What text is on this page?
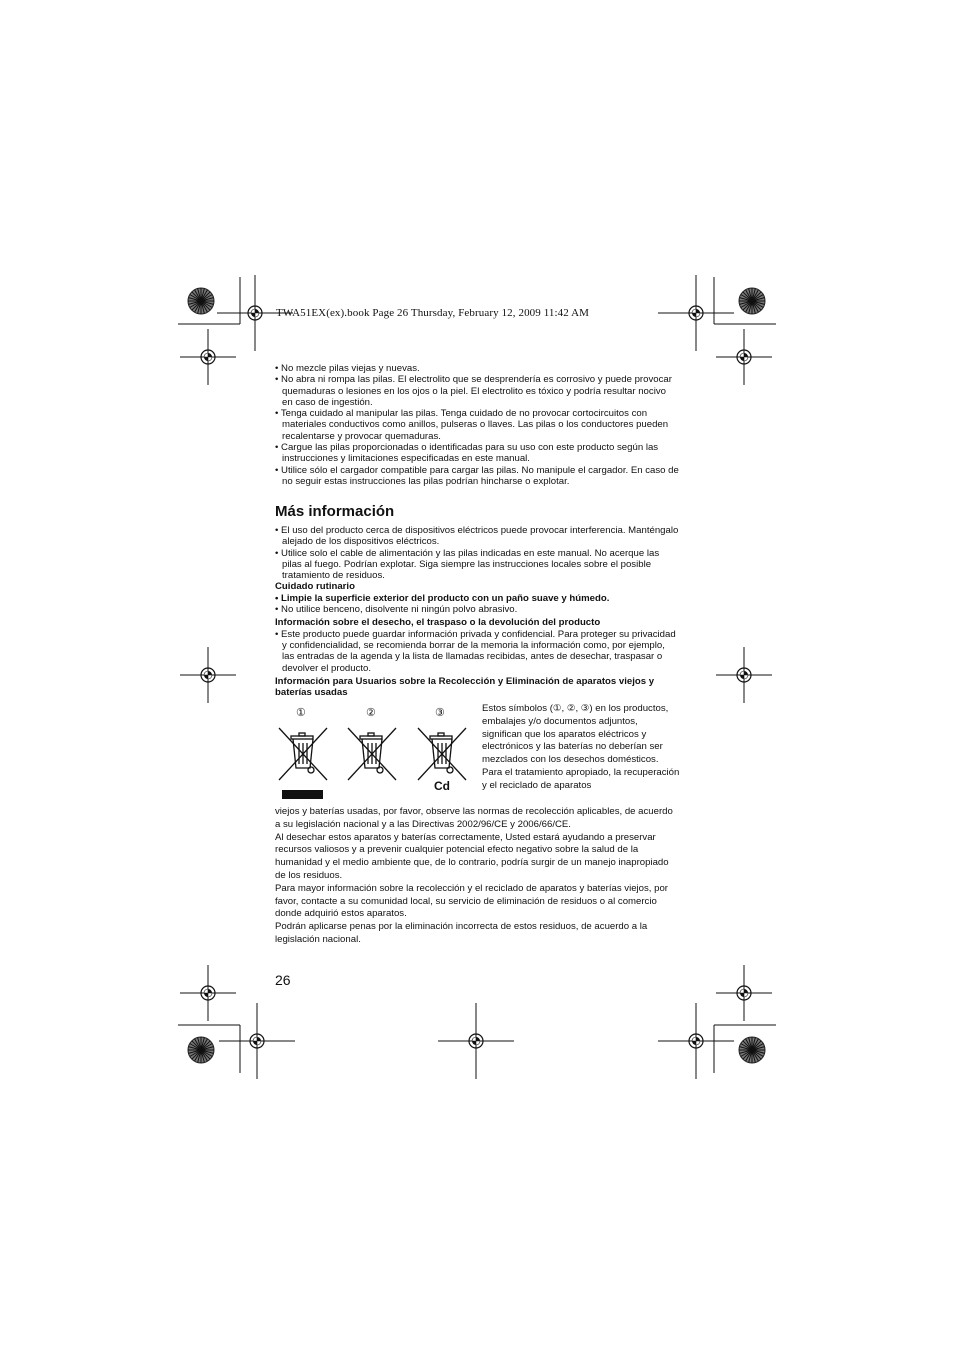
TWA51EX(ex).book Page 26 Thursday, February 12, 2009 11:42 AM

• No mezcle pilas viejas y nuevas.

• No abra ni rompa las pilas. El electrolito que se desprendería es corrosivo y puede provocar quemaduras o lesiones en los ojos o la piel. El electrolito es tóxico y podría resultar nocivo en caso de ingestión.

• Tenga cuidado al manipular las pilas. Tenga cuidado de no provocar cortocircuitos con materiales conductivos como anillos, pulseras o llaves. Las pilas o los conductores pueden recalentarse y provocar quemaduras.

• Cargue las pilas proporcionadas o identificadas para su uso con este producto según las instrucciones y limitaciones especificadas en este manual.

• Utilice sólo el cargador compatible para cargar las pilas. No manipule el cargador. En caso de no seguir estas instrucciones las pilas podrían hincharse o explotar.

Más información

• El uso del producto cerca de dispositivos eléctricos puede provocar interferencia. Manténgalo alejado de los dispositivos eléctricos.

• Utilice solo el cable de alimentación y las pilas indicadas en este manual. No acerque las pilas al fuego. Podrían explotar. Siga siempre las instrucciones locales sobre el posible tratamiento de residuos.

Cuidado rutinario

• Limpie la superficie exterior del producto con un paño suave y húmedo.

• No utilice benceno, disolvente ni ningún polvo abrasivo.

Información sobre el desecho, el traspaso o la devolución del producto

• Este producto puede guardar información privada y confidencial. Para proteger su privacidad y confidencialidad, se recomienda borrar de la memoria la información como, por ejemplo, las entradas de la agenda y la lista de llamadas recibidas, antes de desechar, traspasar o devolver el producto.

Información para Usuarios sobre la Recolección y Eliminación de aparatos viejos y baterías usadas

①	②	③
Cd
Estos símbolos (①, ②, ③) en los productos, embalajes y/o documentos adjuntos, significan que los aparatos eléctricos y electrónicos y las baterías no deberían ser mezclados con los desechos domésticos. Para el tratamiento apropiado, la recuperación y el reciclado de aparatos

viejos y baterías usadas, por favor, observe las normas de recolección aplicables, de acuerdo a su legislación nacional y a las Directivas 2002/96/CE y 2006/66/CE.

Al desechar estos aparatos y baterías correctamente, Usted estará ayudando a preservar recursos valiosos y a prevenir cualquier potencial efecto negativo sobre la salud de la humanidad y el medio ambiente que, de lo contrario, podría surgir de un manejo inapropiado de los residuos.

Para mayor información sobre la recolección y el reciclado de aparatos y baterías viejos, por favor, contacte a su comunidad local, su servicio de eliminación de residuos o al comercio donde adquirió estos aparatos.

Podrán aplicarse penas por la eliminación incorrecta de estos residuos, de acuerdo a la legislación nacional.

26
